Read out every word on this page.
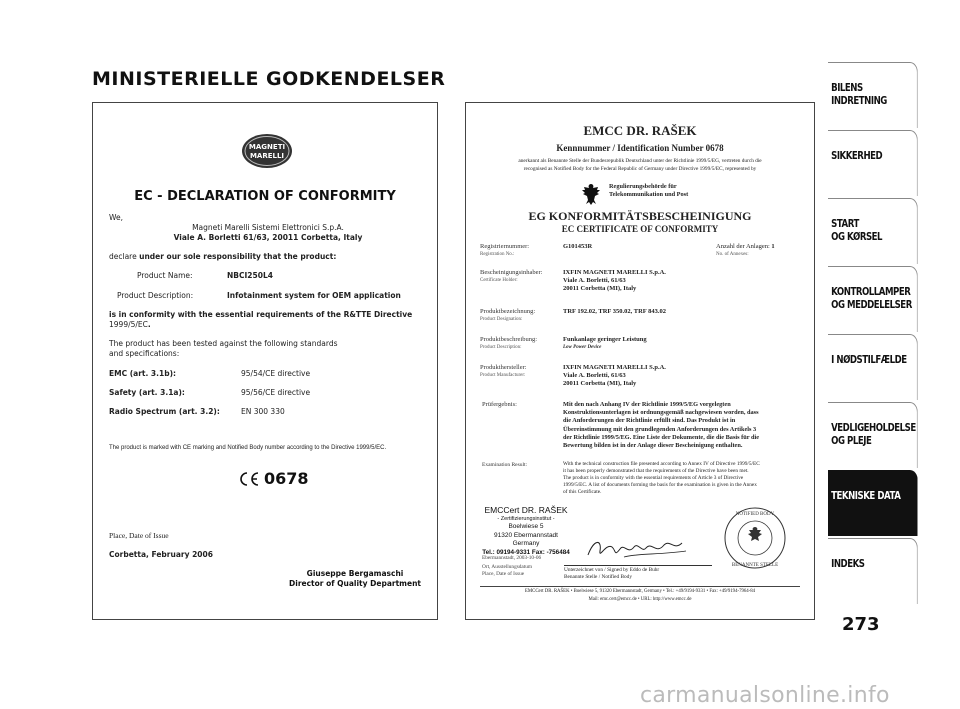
MINISTERIELLE GODKENDELSER
MAGNETI
MARELLI
EC - DECLARATION OF CONFORMITY
We,
Magneti Marelli Sistemi Elettronici S.p.A.
Viale A. Borletti 61/63, 20011 Corbetta, Italy
declare under our sole responsibility that the product:
Product Name:	NBCI250L4
Product Description:	Infotainment system for OEM application
is in conformity with the essential requirements of the R&TTE Directive
1999/5/EC.
The product has been tested against the following standards and specifications:
EMC (art. 3.1b):	95/54/CE directive
Safety (art. 3.1a):	95/56/CE directive
Radio Spectrum (art. 3.2):	EN 300 330
The product is marked with CE marking and Notified Body number according to the Directive 1999/5/EC.
0678
Place, Date of Issue
Corbetta, February 2006
Giuseppe Bergamaschi
Director of Quality Department
EMCC DR. RAŠEK
Kennnummer / Identification Number 0678
anerkannt als Benannte Stelle der Bundesrepublik Deutschland unter der Richtlinie 1999/5/EG, vertreten durch die
recognised as Notified Body for the Federal Republic of Germany under Directive 1999/5/EC, represented by
Regulierungsbehörde für
Telekommunikation und Post
EG KONFORMITÄTSBESCHEINIGUNG
EC CERTIFICATE OF CONFORMITY
Registriernummer:
Registration No.:
G101453R	Anzahl der Anlagen: 1
No. of Annexes:
Bescheinigungsinhaber:
Certificate Holder:
IXFIN MAGNETI MARELLI S.p.A.
Viale A. Borletti, 61/63
20011 Corbetta (MI), Italy
Produktbezeichnung:
Product Designation:
TRF 192.02, TRF 350.02, TRF 843.02
Produktbeschreibung:
Product Description:
Funkanlage geringer Leistung
Low Power Device
Produkthersteller:
Product Manufacturer:
IXFIN MAGNETI MARELLI S.p.A.
Viale A. Borletti, 61/63
20011 Corbetta (MI), Italy
Prüfergebnis:	Mit den nach Anhang IV der Richtlinie 1999/5/EG vorgelegten
Konstruktionsunterlagen ist ordnungsgemäß nachgewiesen worden, dass
die Anforderungen der Richtlinie erfüllt sind. Das Produkt ist in
Übereinstimmung mit den grundlegenden Anforderungen des Artikels 3
der Richtlinie 1999/5/EG. Eine Liste der Dokumente, die die Basis für die
Bewertung bilden ist in der Anlage dieser Bescheinigung enthalten.
Examination Result:	With the technical construction file presented according to Annex IV of Directive 1999/5/EC
it has been properly demonstrated that the requirements of the Directive have been met.
The product is in conformity with the essential requirements of Article 3 of Directive
1999/5/EC. A list of documents forming the basis for the examination is given in the Annex
of this Certificate.
EMCCert DR. RAŠEK
- Zertifizierungsinstitut -
Boelwiese 5
91320 Ebermannstadt
Germany
Tel.: 09194-9331 Fax: -756484
Ebermannstadt, 2003-10-06
Ort, Ausstellungsdatum
Place, Date of Issue
Unterzeichnet von / Signed by Eddo de Buhr
Benannte Stelle / Notified Body
NOTIFIED BODY
BENANNTE STELLE
EMCCert DR. RAŠEK • Boelwiese 5, 91320 Ebermannstadt, Germany • Tel.: +49/9194-9331 • Fax: +49/9194-7964-84
Mail: emc.cert@emcc.de • URL: http://www.emcc.de
BILENS
INDRETNING
SIKKERHED
START
OG KØRSEL
KONTROLLAMPER
OG MEDDELELSER
I NØDSTILFÆLDE
VEDLIGEHOLDELSE
OG PLEJE
TEKNISKE DATA
INDEKS
273
carmanualsonline.info
